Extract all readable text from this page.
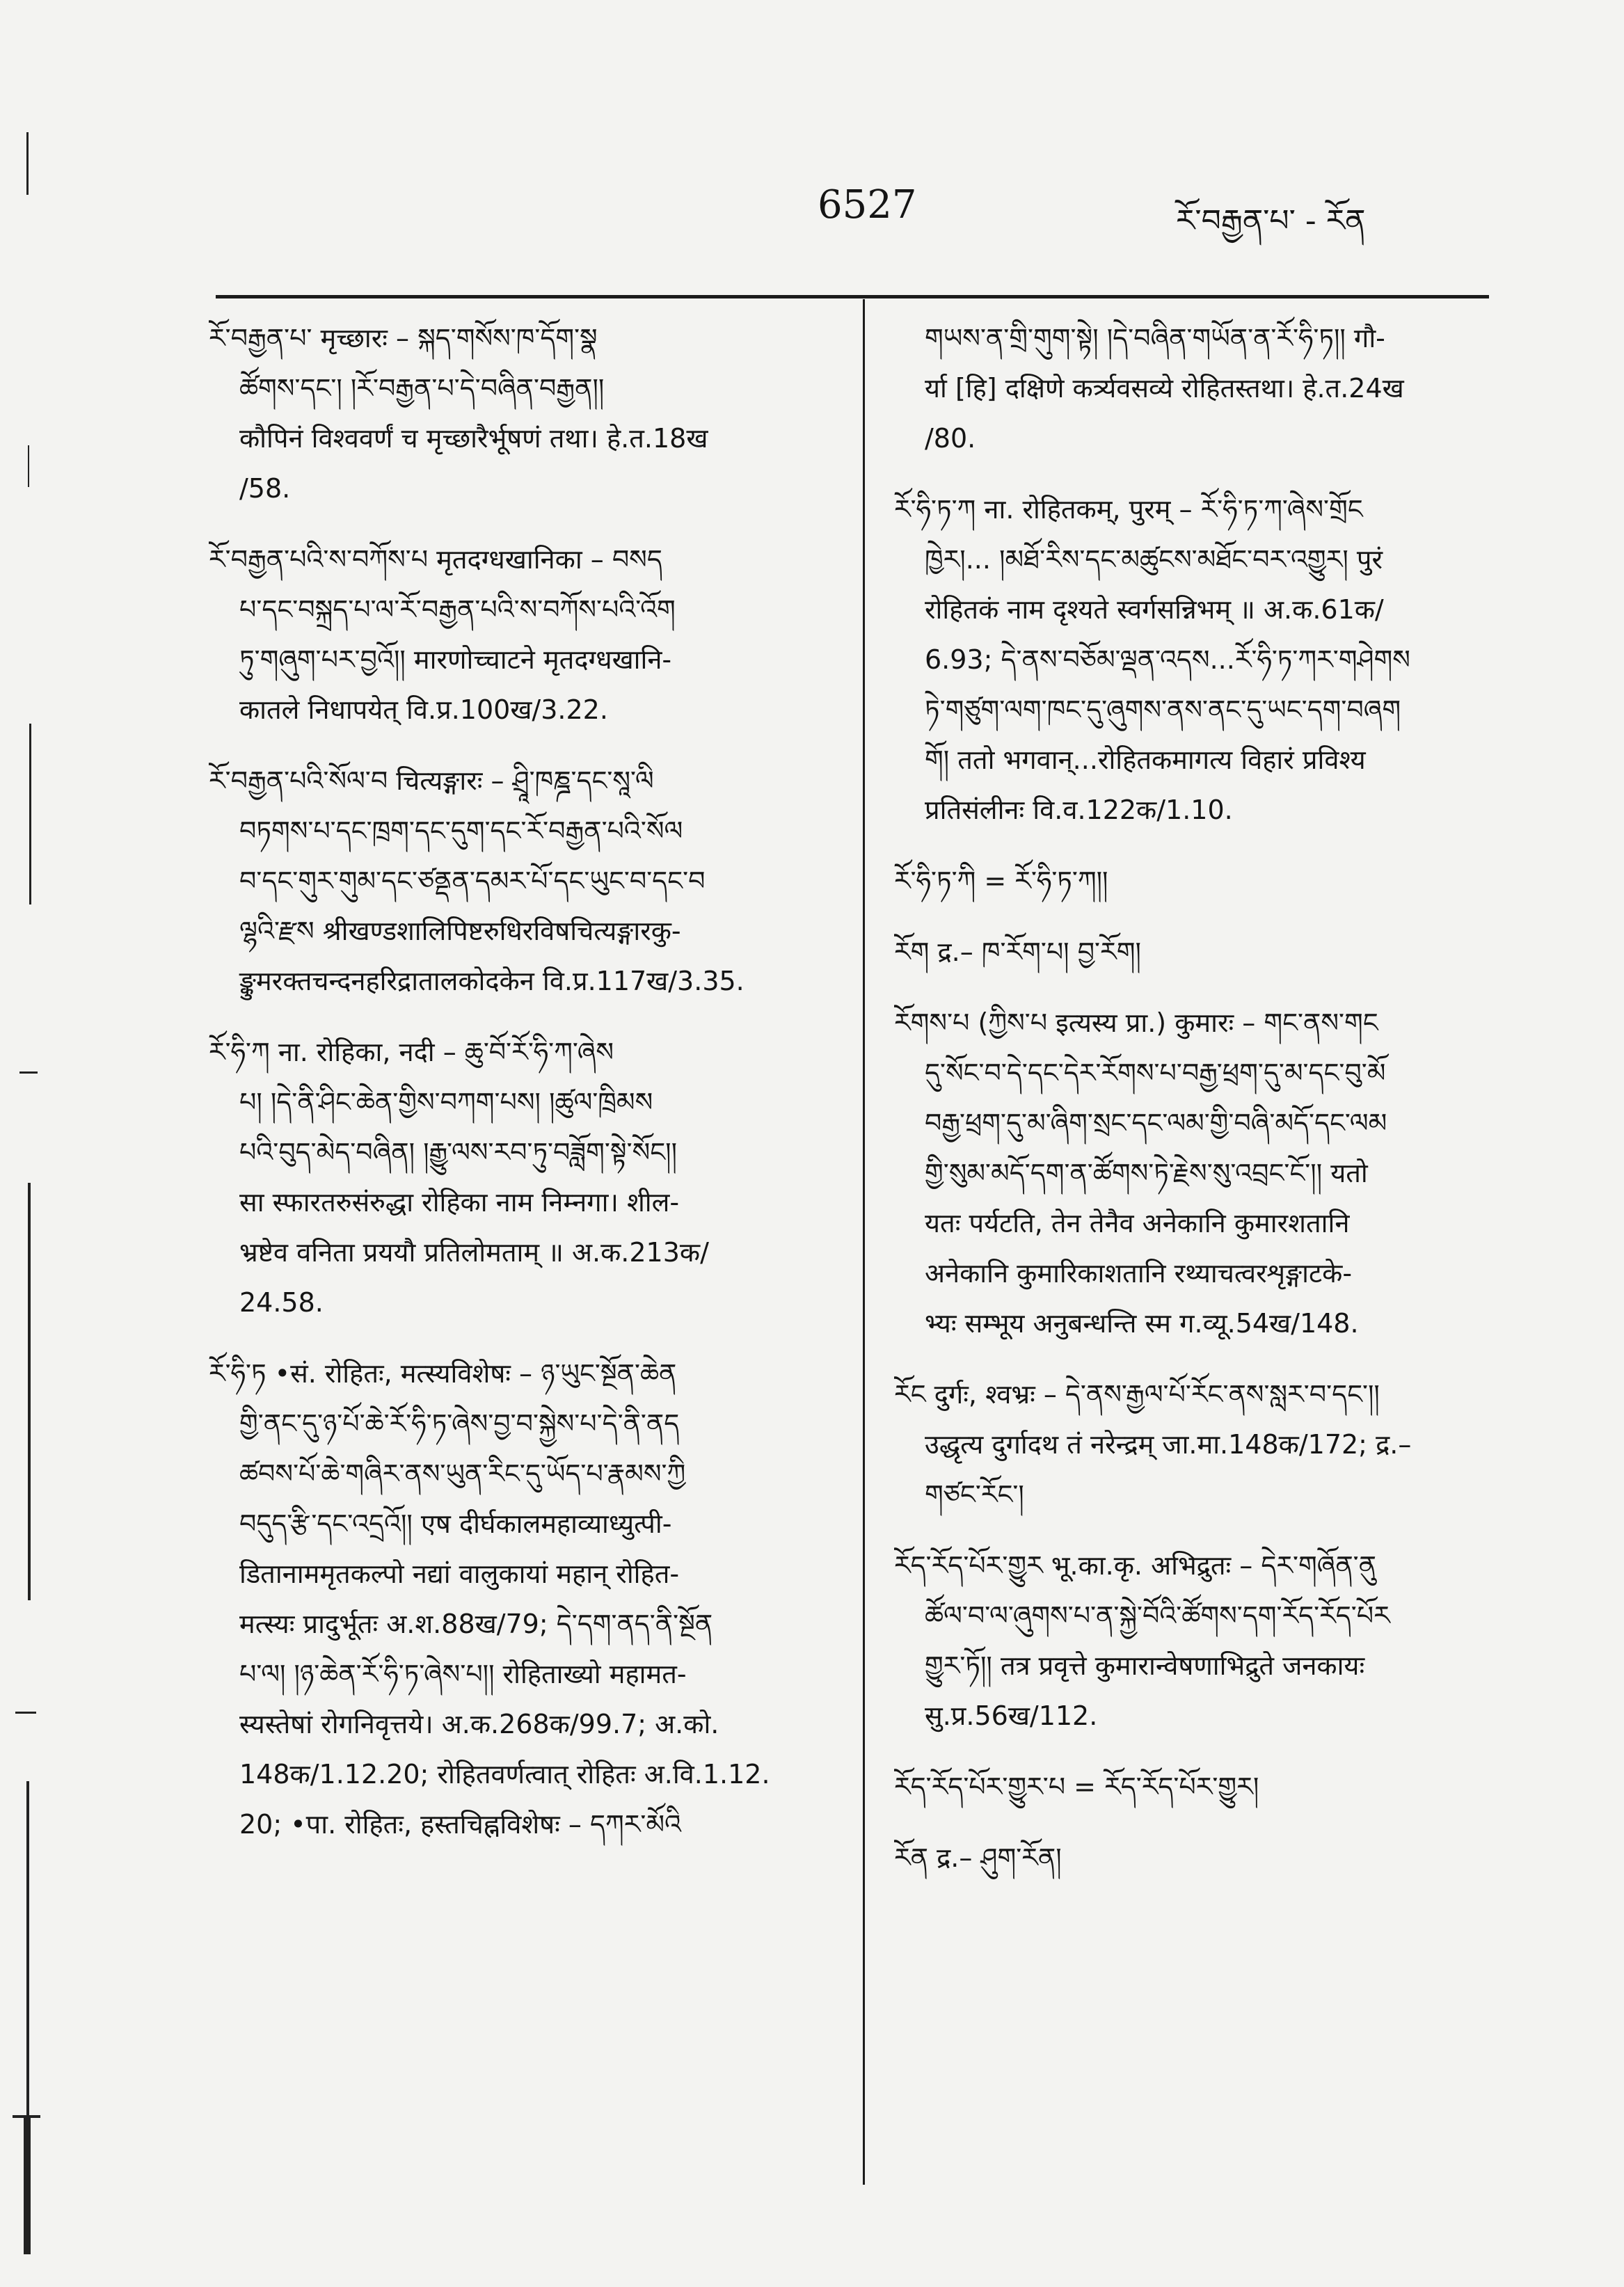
6527	རོ་བརྒྱན་པ་ - རོན
རོ་བརྒྱན་པ་ मृच्छारः – སྐད་གསོས་ཁ་དོག་སྣ
ཚོགས་དང་། །རོ་བརྒྱན་པ་དེ་བཞིན་བརྒྱན།།
कौपिनं विश्ववर्णं च मृच्छारैर्भूषणं तथा। हे.त.18ख
/58.
རོ་བརྒྱན་པའི་ས་བཀོས་པ मृतदग्धखानिका – བསད
པ་དང་བསྐྲད་པ་ལ་རོ་བརྒྱན་པའི་ས་བཀོས་པའི་འོག
ཏུ་གཞུག་པར་བྱའོ།། मारणोच्चाटने मृतदग्धखानि-
कातले निधापयेत् वि.प्र.100ख/3.22.
རོ་བརྒྱན་པའི་སོལ་བ चित्यङ्गारः – ཤྲཱི་ཁཎྜ་དང་སཱ་ལི
བཏགས་པ་དང་ཁྲག་དང་དུག་དང་རོ་བརྒྱན་པའི་སོལ
བ་དང་གུར་གུམ་དང་ཙནྡན་དམར་པོ་དང་ཡུང་བ་དང་བ
ལྷའི་རྫས श्रीखण्डशालिपिष्टरुधिरविषचित्यङ्गारकु-
ङ्कुमरक्तचन्दनहरिद्रातालकोदकेन वि.प्र.117ख/3.35.
རོ་ཧི་ཀ ना. रोहिका, नदी – ཆུ་བོ་རོ་ཧི་ཀ་ཞེས
པ། །དེ་ནི་ཤིང་ཆེན་གྱིས་བཀག་པས། །ཚུལ་ཁྲིམས
པའི་བུད་མེད་བཞིན། །རྒྱུ་ལས་རབ་ཏུ་བཟློག་སྟེ་སོང།།
सा स्फारतरुसंरुद्धा रोहिका नाम निम्नगा। शील-
भ्रष्टेव वनिता प्रययौ प्रतिलोमताम् ॥ अ.क.213क/
24.58.
རོ་ཧི་ཏ •सं. रोहितः, मत्स्यविशेषः – ཉ་ཡུང་སྔོན་ཆེན
གྱི་ནང་དུ་ཉ་པོ་ཆེ་རོ་ཧི་ཏ་ཞེས་བྱ་བ་སྐྱེས་པ་དེ་ནི་ནད
ཚབས་པོ་ཆེ་གཞིར་ནས་ཡུན་རིང་དུ་ཡོད་པ་རྣམས་ཀྱི
བདུད་རྩི་དང་འདྲའོ།། एष दीर्घकालमहाव्याध्युत्पी-
डितानाममृतकल्पो नद्यां वालुकायां महान् रोहित-
मत्स्यः प्रादुर्भूतः अ.श.88ख/79; དེ་དག་ནད་ནི་སྔོན
པ་ལ། །ཉ་ཆེན་རོ་ཧི་ཏ་ཞེས་པ།། रोहिताख्यो महामत-
स्यस्तेषां रोगनिवृत्तये। अ.क.268क/99.7; अ.को.
148क/1.12.20; रोहितवर्णत्वात् रोहितः अ.वि.1.12.
20; •पा. रोहितः, हस्तचिह्नविशेषः – དཀར་མོའི
གཡས་ན་གྲི་གུག་སྟེ། །དེ་བཞིན་གཡོན་ན་རོ་ཧི་ཏ།། गौ-
र्या [हि] दक्षिणे कर्त्र्यवसव्ये रोहितस्तथा। हे.त.24ख
/80.
རོ་ཧི་ཏ་ཀ ना. रोहितकम्, पुरम् – རོ་ཧི་ཏ་ཀ་ཞེས་གྲོང
ཁྱེར།... །མཐོ་རིས་དང་མཚུངས་མཐོང་བར་འགྱུར། पुरं
रोहितकं नाम दृश्यते स्वर्गसन्निभम् ॥ अ.क.61क/
6.93; དེ་ནས་བཅོམ་ལྡན་འདས...རོ་ཧི་ཏ་ཀར་གཤེགས
ཏེ་གཙུག་ལག་ཁང་དུ་ཞུགས་ནས་ནང་དུ་ཡང་དག་བཞག
གོ། ततो भगवान्...रोहितकमागत्य विहारं प्रविश्य
प्रतिसंलीनः वि.व.122क/1.10.
རོ་ཧི་ཏ་ཀི = རོ་ཧི་ཏ་ཀ།།
རོག द्र.– ཁ་རོག་པ། བྱ་རོག།
རོགས་པ (ཀྱིས་པ इत्यस्य प्रा.) कुमारः – གང་ནས་གང
དུ་སོང་བ་དེ་དང་དེར་རོགས་པ་བརྒྱ་ཕྲག་དུ་མ་དང་བུ་མོ
བརྒྱ་ཕྲག་དུ་མ་ཞིག་སྲང་དང་ལམ་གྱི་བཞི་མདོ་དང་ལམ
གྱི་སུམ་མདོ་དག་ན་ཚོགས་ཏེ་རྗེས་སུ་འབྲང་ངོ་།། यतो
यतः पर्यटति, तेन तेनैव अनेकानि कुमारशतानि
अनेकानि कुमारिकाशतानि रथ्याचत्वरशृङ्गाटके-
भ्यः सम्भूय अनुबन्धन्ति स्म ग.व्यू.54ख/148.
རོང दुर्गः, श्वभ्रः – དེ་ནས་རྒྱལ་པོ་རོང་ནས་སླར་བ་དང་།།
उद्धृत्य दुर्गादथ तं नरेन्द्रम् जा.मा.148क/172; द्र.–
གཙང་རོང་།
རོད་རོད་པོར་གྱུར भू.का.कृ. अभिद्रुतः – དེར་གཞོན་ནུ
ཚོལ་བ་ལ་ཞུགས་པ་ན་སྐྱེ་བོའི་ཚོགས་དག་རོད་རོད་པོར
གྱུར་ཏོ།། तत्र प्रवृत्ते कुमारान्वेषणाभिद्रुते जनकायः
सु.प्र.56ख/112.
རོད་རོད་པོར་གྱུར་པ = རོད་རོད་པོར་གྱུར།
རོན द्र.– ཤུག་རོན།
